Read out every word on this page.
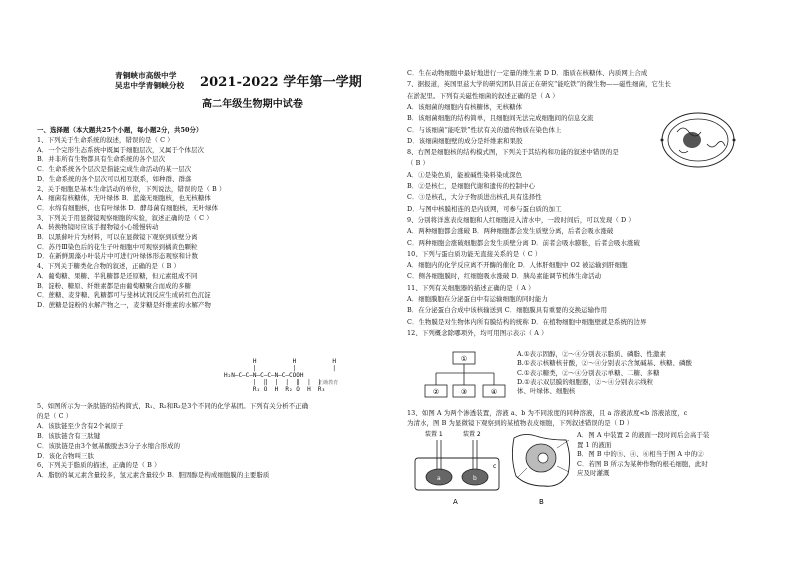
青铜峡市高级中学
吴忠中学青铜峡分校 2021-2022 学年第一学期
高二年级生物期中试卷
一、选择题（本大题共25个小题，每小题2分，共50分）
1、下列关于生命系统的叙述，错误的是（ C ）
A．一个完形生态系统中既属于细胞层次，又属于个体层次
B．并非所有生物都具有生命系统的各个层次
C．生命系统各个层次是指能完成生命活动的某一层次
D．生命系统的各个层次可以相互联系，如种群、群落
2、关于细胞是基本生命活动的单位，下列说法，错误的是（ B ）
A．细菌有核糖体，无叶绿体 B．蓝藻无细胞核，也无核糖体
C．水绵有细胞核，也有叶绿体 D．酵母菌有细胞核，无叶绿体
3、下列关于用显微镜观察细胞的实验，叙述正确的是（ C ）
A．转换物镜时应该手握物镜小心缓慢转动
B．以黑藓叶片为材料，可以在显微镜下观察到质壁分离
C．苏丹Ⅲ染色后的花生子叶细胞中可观察到橘黄色颗粒
D．在新鲜黑藻小叶装片中可进行叶绿体形态观察和计数
4、下列关于糖类化合物的叙述，正确的是（ B ）
A．葡萄糖、果糖、半乳糖都是还原糖，但元素组成不同
B．淀粉、糖原、纤维素都是由葡萄糖聚合而成的多糖
C．蔗糖、麦芽糖、乳糖都可与斐林试剂反应生成砖红色沉淀
D．蔗糖是淀粉的水解产物之一，麦芽糖是纤维素的水解产物
H          H          H
|          |          |
H₂N—C—C—N—C—C—N—C—COOH
|  ‖  |  |  ‖  |  |
R₁ O  H  R₂ O  H  R₃
正确教育
5、如图所示为一条肽链的结构简式，R₁、R₂和R₃是3个不同的化学基团。下列有关分析不正确
的是（ C ）
A．该肽链至少含有2个氧原子
B．该肽链含有三肽键
C．该肽链是由3个氨基酸脱去3分子水缩合形成的
D．该化合物叫三肽
6、下列关于脂质的描述，正确的是（ B ）
A．脂肪的氧元素含量较多，氢元素含量较少 B．胆固醇是构成细胞膜的主要脂质
C．生在动物细胞中最好地进行一定量的维生素 D D．脂质在核糖体、内质网上合成
7、据报道，英国里兹大学的研究团队目前正在研究“能吃铁”的微生物——磁性细菌，它生长
在淤泥里。下列有关磁性细菌的叙述正确的是（ A ）
A．该细菌的细胞内有核糖体，无核糖体
B．该细菌细胞的结构简单，且细胞间无法完成细胞间的信息交流
C．与该细菌“能吃铁”性状有关的遗传物质在染色体上
D．该细菌细胞壁的成分是纤维素和果胶
8、右图是细胞核的结构模式图，下列关于其结构和功能的叙述中错误的是
（ B ）
A．①是染色质，能被碱性染料染成深色
B．②是核仁，是细胞代谢和遗传的控制中心
C．③是核孔，大分子物质进出核孔具有选择性
D．与图中核膜相连的是内质网，可参与蛋白质的加工
9、分别将洋葱表皮细胞和人红细胞浸入清水中，一段时间后，可以发现（ D ）
A．两种细胞都会涨破 B．两种细胞都会发生质壁分离，后者会吸水涨破
C．两种细胞会涨破细胞都会发生质壁分离 D．前者会吸水膨胀，后者会吸水涨破
10、下列与蛋白质功能无直接关系的是（ C ）
A．细胞内的化学反应离不开酶的催化 D．人体肝细胞中 O2 被运输到肝细胞
C．侧各细胞膜时，红细胞吸水涨破 D．胰岛素能调节机体生命活动
11、下列有关细胞器的描述正确的是（ A ）
A．细胞膜胞在分泌蛋白中有运输细胞的同时能力
B．在分泌蛋白合成中该核输送到 C．细胞膜具有重要的交换运输作用
C．生物膜是对生物体内所有膜结构的统称 D．在植物细胞中细胞壁就是系统的边界
12、下列概念除哪项外，均可用图示表示（ A ）
①
②	③	④
A.①表示固醇，②～④分别表示脂质、磷脂、性激素
B.①表示核糖核苷酸，②～④分别表示含氮碱基、核糖、磷酸
C.①表示糖类，②～④分别表示单糖、二糖、多糖
D.①表示双层膜的细胞器，②～④分别表示线粒
体、叶绿体、细胞核
13、如图 A 为两个渗透装置，溶液 a、b 为不同浓度的同种溶液，且 a 溶液浓度<b 溶液浓度，c
为清水，图 B 为显微镜下观察到的某植物表皮细胞，下列叙述错误的是（ D ）
装置 1	装置 2
a	b
c
A	B
A．图 A 中装置 2 的液面一段时间后会高于装
置 1 的液面
B．图 B 中的⑤、④、⑥相当于图 A 中的②
C．若图 B 所示为某种作物的根毛细胞，此时
应及时灌溉
